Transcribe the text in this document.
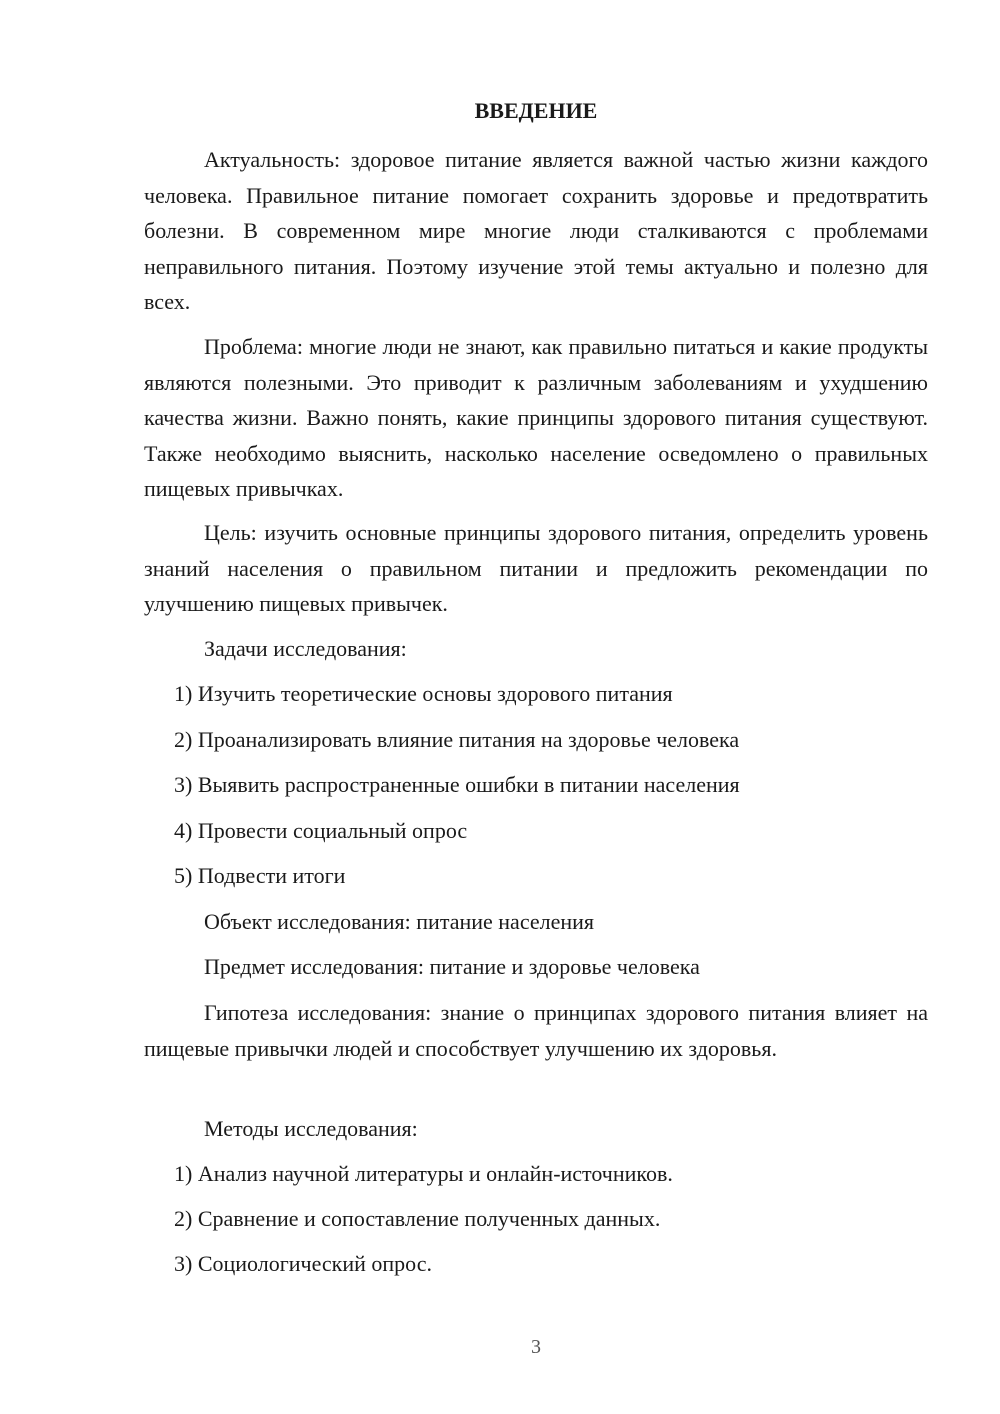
ВВЕДЕНИЕ

Актуальность: здоровое питание является важной частью жизни каждого человека. Правильное питание помогает сохранить здоровье и предотвратить болезни. В современном мире многие люди сталкиваются с проблемами неправильного питания. Поэтому изучение этой темы актуально и полезно для всех.

Проблема: многие люди не знают, как правильно питаться и какие продукты являются полезными. Это приводит к различным заболеваниям и ухудшению качества жизни. Важно понять, какие принципы здорового питания существуют. Также необходимо выяснить, насколько население осведомлено о правильных пищевых привычках.

Цель: изучить основные принципы здорового питания, определить уровень знаний населения о правильном питании и предложить рекомендации по улучшению пищевых привычек.

Задачи исследования:

1) Изучить теоретические основы здорового питания

2) Проанализировать влияние питания на здоровье человека

3) Выявить распространенные ошибки в питании населения

4) Провести социальный опрос

5) Подвести итоги

Объект исследования: питание населения

Предмет исследования: питание и здоровье человека

Гипотеза исследования: знание о принципах здорового питания влияет на пищевые привычки людей и способствует улучшению их здоровья.

Методы исследования:

1) Анализ научной литературы и онлайн-источников.

2) Сравнение и сопоставление полученных данных.

3) Социологический опрос.

3
